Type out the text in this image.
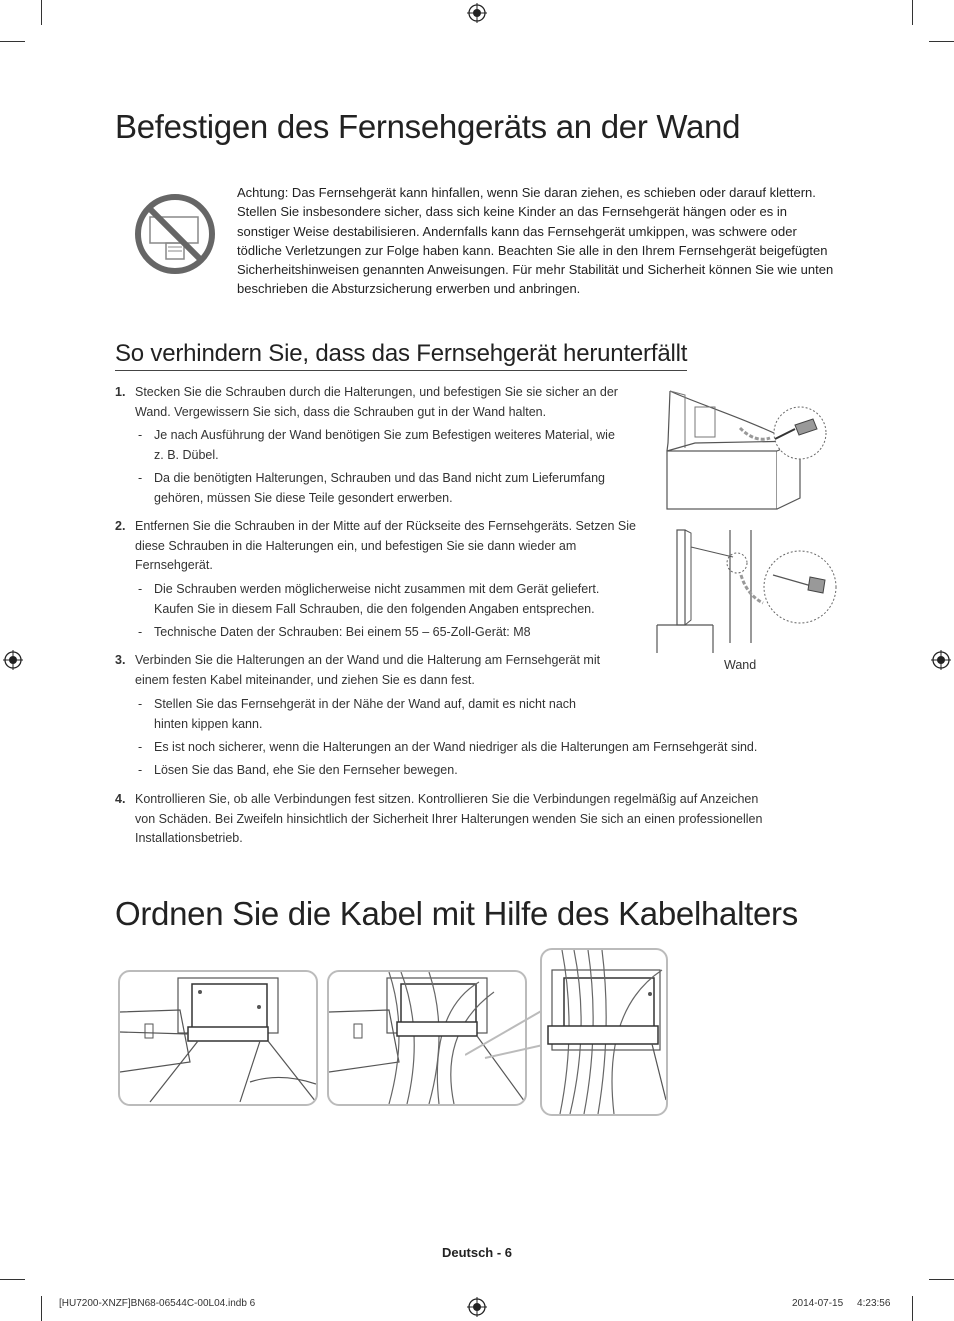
Befestigen des Fernsehgeräts an der Wand
Achtung: Das Fernsehgerät kann hinfallen, wenn Sie daran ziehen, es schieben oder darauf klettern. Stellen Sie insbesondere sicher, dass sich keine Kinder an das Fernsehgerät hängen oder es in sonstiger Weise destabilisieren. Andernfalls kann das Fernsehgerät umkippen, was schwere oder tödliche Verletzungen zur Folge haben kann. Beachten Sie alle in den Ihrem Fernsehgerät beigefügten Sicherheitshinweisen genannten Anweisungen. Für mehr Stabilität und Sicherheit können Sie wie unten beschrieben die Absturzsicherung erwerben und anbringen.
So verhindern Sie, dass das Fernsehgerät herunterfällt
1. Stecken Sie die Schrauben durch die Halterungen, und befestigen Sie sie sicher an der Wand. Vergewissern Sie sich, dass die Schrauben gut in der Wand halten.
- Je nach Ausführung der Wand benötigen Sie zum Befestigen weiteres Material, wie z. B. Dübel.
- Da die benötigten Halterungen, Schrauben und das Band nicht zum Lieferumfang gehören, müssen Sie diese Teile gesondert erwerben.
2. Entfernen Sie die Schrauben in der Mitte auf der Rückseite des Fernsehgeräts. Setzen Sie diese Schrauben in die Halterungen ein, und befestigen Sie sie dann wieder am Fernsehgerät.
- Die Schrauben werden möglicherweise nicht zusammen mit dem Gerät geliefert. Kaufen Sie in diesem Fall Schrauben, die den folgenden Angaben entsprechen.
- Technische Daten der Schrauben: Bei einem 55 – 65-Zoll-Gerät: M8
3. Verbinden Sie die Halterungen an der Wand und die Halterung am Fernsehgerät mit einem festen Kabel miteinander, und ziehen Sie es dann fest.
- Stellen Sie das Fernsehgerät in der Nähe der Wand auf, damit es nicht nach hinten kippen kann.
- Es ist noch sicherer, wenn die Halterungen an der Wand niedriger als die Halterungen am Fernsehgerät sind.
- Lösen Sie das Band, ehe Sie den Fernseher bewegen.
4. Kontrollieren Sie, ob alle Verbindungen fest sitzen. Kontrollieren Sie die Verbindungen regelmäßig auf Anzeichen von Schäden. Bei Zweifeln hinsichtlich der Sicherheit Ihrer Halterungen wenden Sie sich an einen professionellen Installationsbetrieb.
Wand
Ordnen Sie die Kabel mit Hilfe des Kabelhalters
Deutsch - 6
[HU7200-XNZF]BN68-06544C-00L04.indb 6	2014-07-15     4:23:56
